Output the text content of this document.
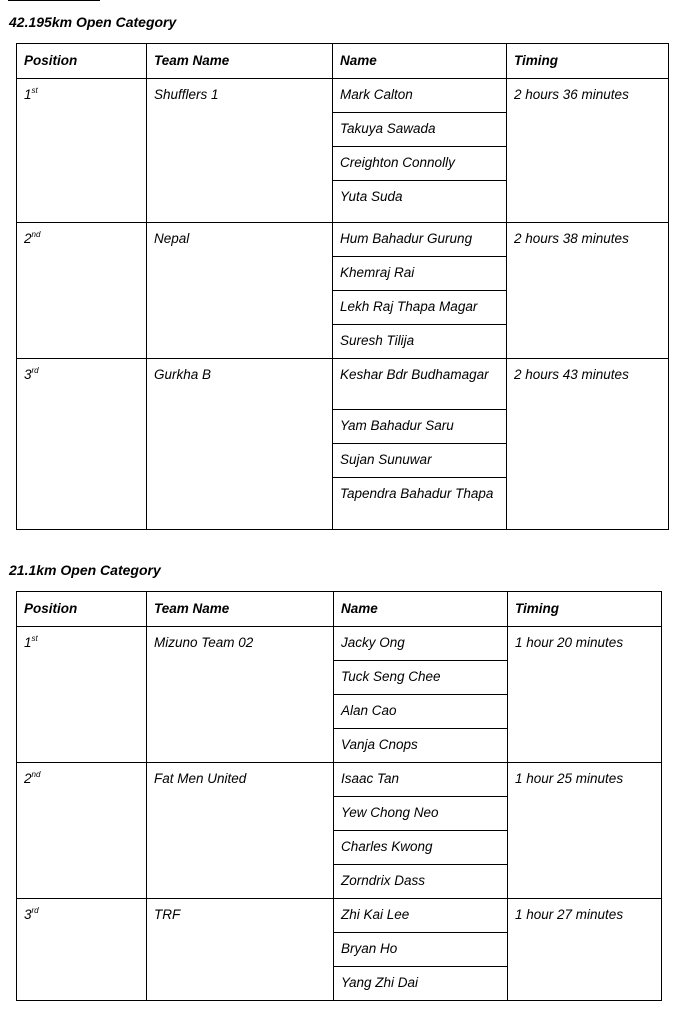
42.195km Open Category
Position	Team Name	Name	Timing
1st	Shufflers 1	Mark Calton	2 hours 36 minutes
		Takuya Sawada	
		Creighton Connolly	
		Yuta Suda	
2nd	Nepal	Hum Bahadur Gurung	2 hours 38 minutes
		Khemraj Rai	
		Lekh Raj Thapa Magar	
		Suresh Tilija	
3rd	Gurkha B	Keshar Bdr Budhamagar	2 hours 43 minutes
		Yam Bahadur Saru	
		Sujan Sunuwar	
		Tapendra Bahadur Thapa	
21.1km Open Category
Position	Team Name	Name	Timing
1st	Mizuno Team 02	Jacky Ong	1 hour 20 minutes
		Tuck Seng Chee	
		Alan Cao	
		Vanja Cnops	
2nd	Fat Men United	Isaac Tan	1 hour 25 minutes
		Yew Chong Neo	
		Charles Kwong	
		Zorndrix Dass	
3rd	TRF	Zhi Kai Lee	1 hour 27 minutes
		Bryan Ho	
		Yang Zhi Dai	
